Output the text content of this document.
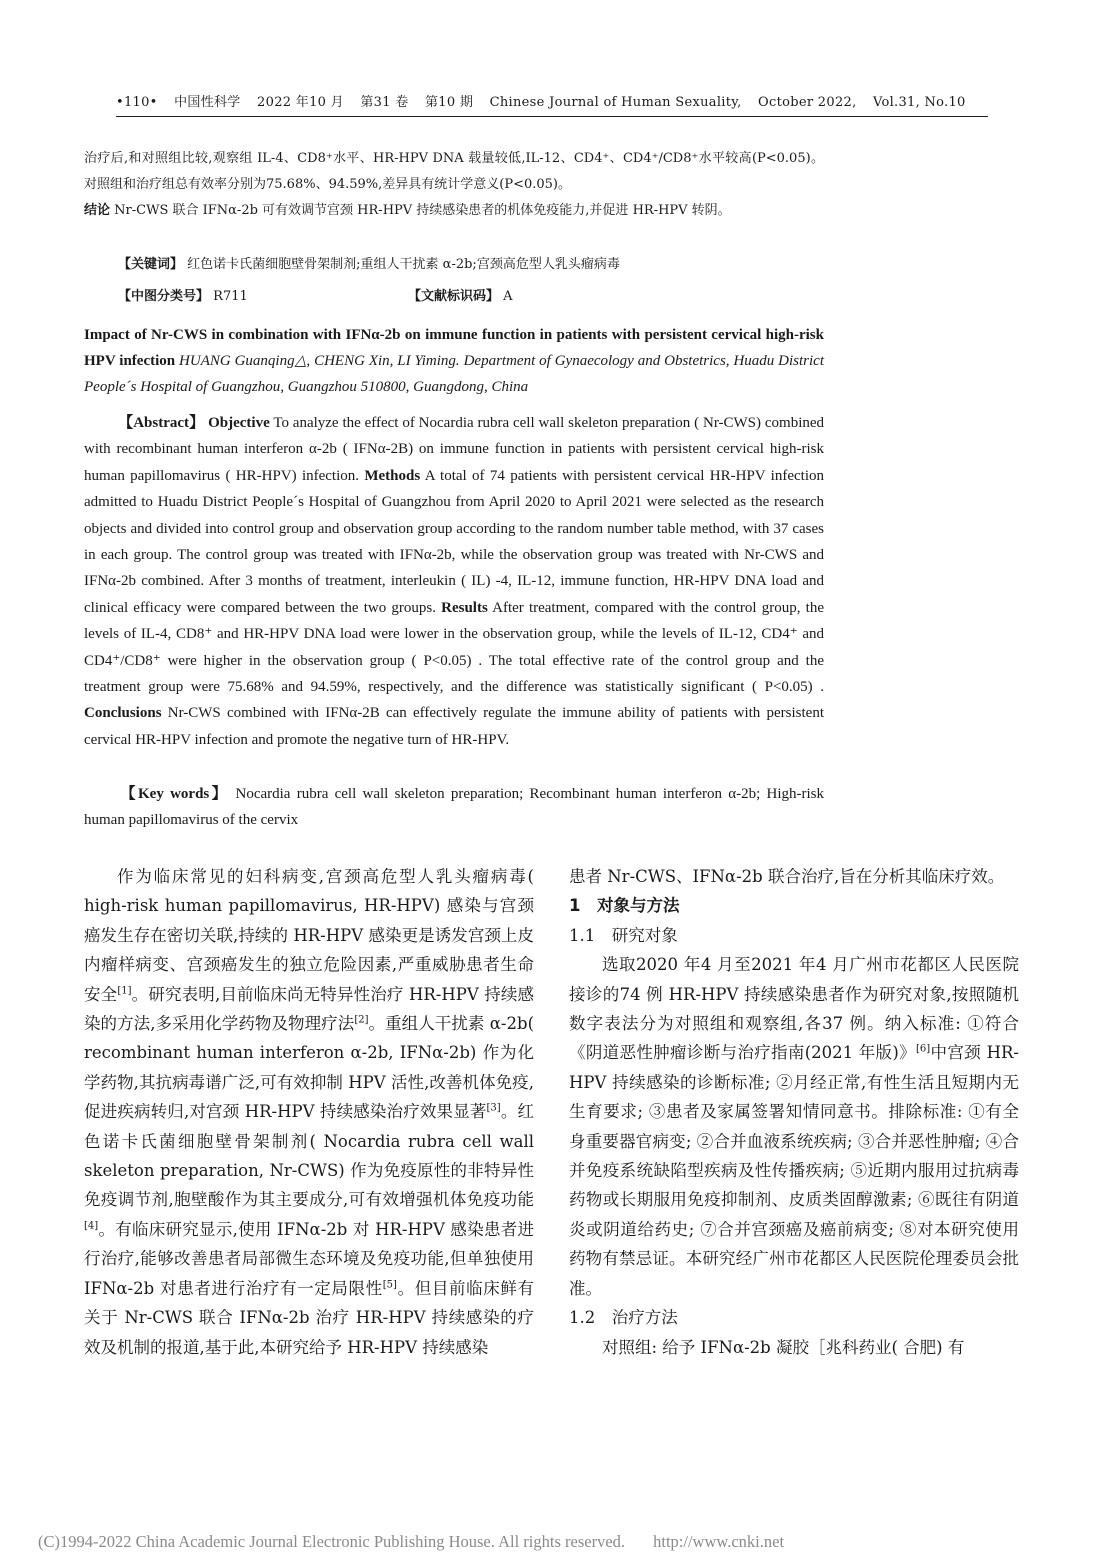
•110• 中国性科学 2022 年10 月 第31 卷 第10 期 Chinese Journal of Human Sexuality, October 2022, Vol.31, No.10
治疗后,和对照组比较,观察组 IL-4、CD8⁺水平、HR-HPV DNA 载量较低,IL-12、CD4⁺、CD4⁺/CD8⁺水平较高(P<0.05)。对照组和治疗组总有效率分别为75.68%、94.59%,差异具有统计学意义(P<0.05)。
结论 Nr-CWS 联合 IFNα-2b 可有效调节宫颈 HR-HPV 持续感染患者的机体免疫能力,并促进 HR-HPV 转阴。
【关键词】 红色诺卡氏菌细胞壁骨架制剂;重组人干扰素 α-2b;宫颈高危型人乳头瘤病毒
【中图分类号】 R711	【文献标识码】 A
Impact of Nr-CWS in combination with IFNα-2b on immune function in patients with persistent cervical high-risk HPV infection HUANG Guanqing△, CHENG Xin, LI Yiming. Department of Gynaecology and Obstetrics, Huadu District People´s Hospital of Guangzhou, Guangzhou 510800, Guangdong, China
【Abstract】 Objective To analyze the effect of Nocardia rubra cell wall skeleton preparation ( Nr-CWS) combined with recombinant human interferon α-2b ( IFNα-2B) on immune function in patients with persistent cervical high-risk human papillomavirus ( HR-HPV) infection. Methods A total of 74 patients with persistent cervical HR-HPV infection admitted to Huadu District People´s Hospital of Guangzhou from April 2020 to April 2021 were selected as the research objects and divided into control group and observation group according to the random number table method, with 37 cases in each group. The control group was treated with IFNα-2b, while the observation group was treated with Nr-CWS and IFNα-2b combined. After 3 months of treatment, interleukin ( IL) -4, IL-12, immune function, HR-HPV DNA load and clinical efficacy were compared between the two groups. Results After treatment, compared with the control group, the levels of IL-4, CD8⁺ and HR-HPV DNA load were lower in the observation group, while the levels of IL-12, CD4⁺ and CD4⁺/CD8⁺ were higher in the observation group ( P<0.05) . The total effective rate of the control group and the treatment group were 75.68% and 94.59%, respectively, and the difference was statistically significant ( P<0.05) . Conclusions Nr-CWS combined with IFNα-2B can effectively regulate the immune ability of patients with persistent cervical HR-HPV infection and promote the negative turn of HR-HPV.
【Key words】 Nocardia rubra cell wall skeleton preparation; Recombinant human interferon α-2b; High-risk human papillomavirus of the cervix

作为临床常见的妇科病变,宫颈高危型人乳头瘤病毒( high-risk human papillomavirus, HR-HPV) 感染与宫颈癌发生存在密切关联,持续的 HR-HPV 感染更是诱发宫颈上皮内瘤样病变、宫颈癌发生的独立危险因素,严重威胁患者生命安全[1]。研究表明,目前临床尚无特异性治疗 HR-HPV 持续感染的方法,多采用化学药物及物理疗法[2]。重组人干扰素 α-2b( recombinant human interferon α-2b, IFNα-2b) 作为化学药物,其抗病毒谱广泛,可有效抑制 HPV 活性,改善机体免疫,促进疾病转归,对宫颈 HR-HPV 持续感染治疗效果显著[3]。红色诺卡氏菌细胞壁骨架制剂( Nocardia rubra cell wall skeleton preparation, Nr-CWS) 作为免疫原性的非特异性免疫调节剂,胞壁酸作为其主要成分,可有效增强机体免疫功能[4]。有临床研究显示,使用 IFNα-2b 对 HR-HPV 感染患者进行治疗,能够改善患者局部微生态环境及免疫功能,但单独使用 IFNα-2b 对患者进行治疗有一定局限性[5]。但目前临床鲜有关于 Nr-CWS 联合 IFNα-2b 治疗 HR-HPV 持续感染的疗效及机制的报道,基于此,本研究给予 HR-HPV 持续感染

患者 Nr-CWS、IFNα-2b 联合治疗,旨在分析其临床疗效。

1　对象与方法

1.1　研究对象

选取2020 年4 月至2021 年4 月广州市花都区人民医院接诊的74 例 HR-HPV 持续感染患者作为研究对象,按照随机数字表法分为对照组和观察组,各37 例。纳入标准: ①符合《阴道恶性肿瘤诊断与治疗指南(2021 年版)》[6]中宫颈 HR-HPV 持续感染的诊断标准; ②月经正常,有性生活且短期内无生育要求; ③患者及家属签署知情同意书。排除标准: ①有全身重要器官病变; ②合并血液系统疾病; ③合并恶性肿瘤; ④合并免疫系统缺陷型疾病及性传播疾病; ⑤近期内服用过抗病毒药物或长期服用免疫抑制剂、皮质类固醇激素; ⑥既往有阴道炎或阴道给药史; ⑦合并宫颈癌及癌前病变; ⑧对本研究使用药物有禁忌证。本研究经广州市花都区人民医院伦理委员会批准。

1.2　治疗方法

对照组: 给予 IFNα-2b 凝胶［兆科药业( 合肥) 有

(C)1994-2022 China Academic Journal Electronic Publishing House. All rights reserved. http://www.cnki.net
